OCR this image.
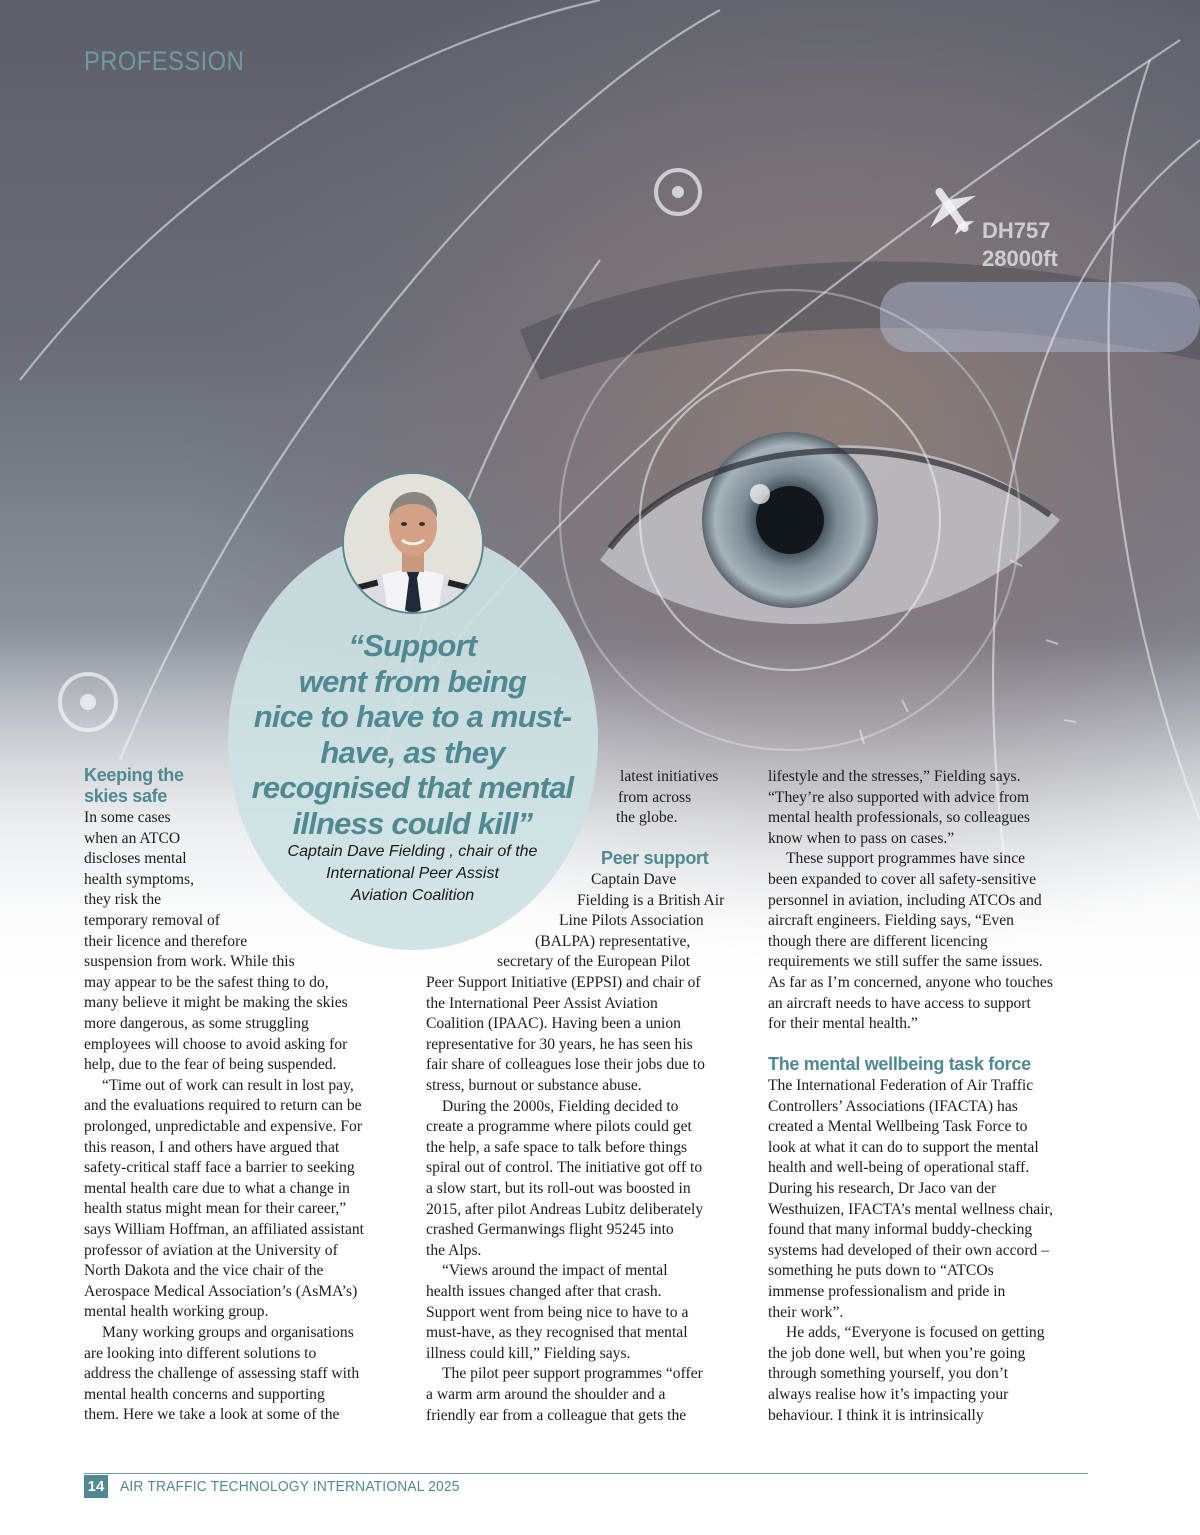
DH757
28000ft
PROFESSION
“Support
went from being
nice to have to a must-
have, as they
recognised that mental
illness could kill”
Captain Dave Fielding , chair of the
International Peer Assist
Aviation Coalition
Keeping the
skies safe
In some cases
when an ATCO
discloses mental
health symptoms,
they risk the
temporary removal of
their licence and therefore
suspension from work. While this
may appear to be the safest thing to do,
many believe it might be making the skies
more dangerous, as some struggling
employees will choose to avoid asking for
help, due to the fear of being suspended.
“Time out of work can result in lost pay,
and the evaluations required to return can be
prolonged, unpredictable and expensive. For
this reason, I and others have argued that
safety-critical staff face a barrier to seeking
mental health care due to what a change in
health status might mean for their career,”
says William Hoffman, an affiliated assistant
professor of aviation at the University of
North Dakota and the vice chair of the
Aerospace Medical Association’s (AsMA’s)
mental health working group.
Many working groups and organisations
are looking into different solutions to
address the challenge of assessing staff with
mental health concerns and supporting
them. Here we take a look at some of the
latest initiatives
from across
the globe.
Peer support
Captain Dave
Fielding is a British Air
Line Pilots Association
(BALPA) representative,
secretary of the European Pilot
Peer Support Initiative (EPPSI) and chair of
the International Peer Assist Aviation
Coalition (IPAAC). Having been a union
representative for 30 years, he has seen his
fair share of colleagues lose their jobs due to
stress, burnout or substance abuse.
During the 2000s, Fielding decided to
create a programme where pilots could get
the help, a safe space to talk before things
spiral out of control. The initiative got off to
a slow start, but its roll-out was boosted in
2015, after pilot Andreas Lubitz deliberately
crashed Germanwings flight 95245 into
the Alps.
“Views around the impact of mental
health issues changed after that crash.
Support went from being nice to have to a
must-have, as they recognised that mental
illness could kill,” Fielding says.
The pilot peer support programmes “offer
a warm arm around the shoulder and a
friendly ear from a colleague that gets the
lifestyle and the stresses,” Fielding says.
“They’re also supported with advice from
mental health professionals, so colleagues
know when to pass on cases.”
These support programmes have since
been expanded to cover all safety-sensitive
personnel in aviation, including ATCOs and
aircraft engineers. Fielding says, “Even
though there are different licencing
requirements we still suffer the same issues.
As far as I’m concerned, anyone who touches
an aircraft needs to have access to support
for their mental health.”
The mental wellbeing task force
The International Federation of Air Traffic
Controllers’ Associations (IFACTA) has
created a Mental Wellbeing Task Force to
look at what it can do to support the mental
health and well-being of operational staff.
During his research, Dr Jaco van der
Westhuizen, IFACTA’s mental wellness chair,
found that many informal buddy-checking
systems had developed of their own accord –
something he puts down to “ATCOs
immense professionalism and pride in
their work”.
He adds, “Everyone is focused on getting
the job done well, but when you’re going
through something yourself, you don’t
always realise how it’s impacting your
behaviour. I think it is intrinsically
14 AIR TRAFFIC TECHNOLOGY INTERNATIONAL 2025
